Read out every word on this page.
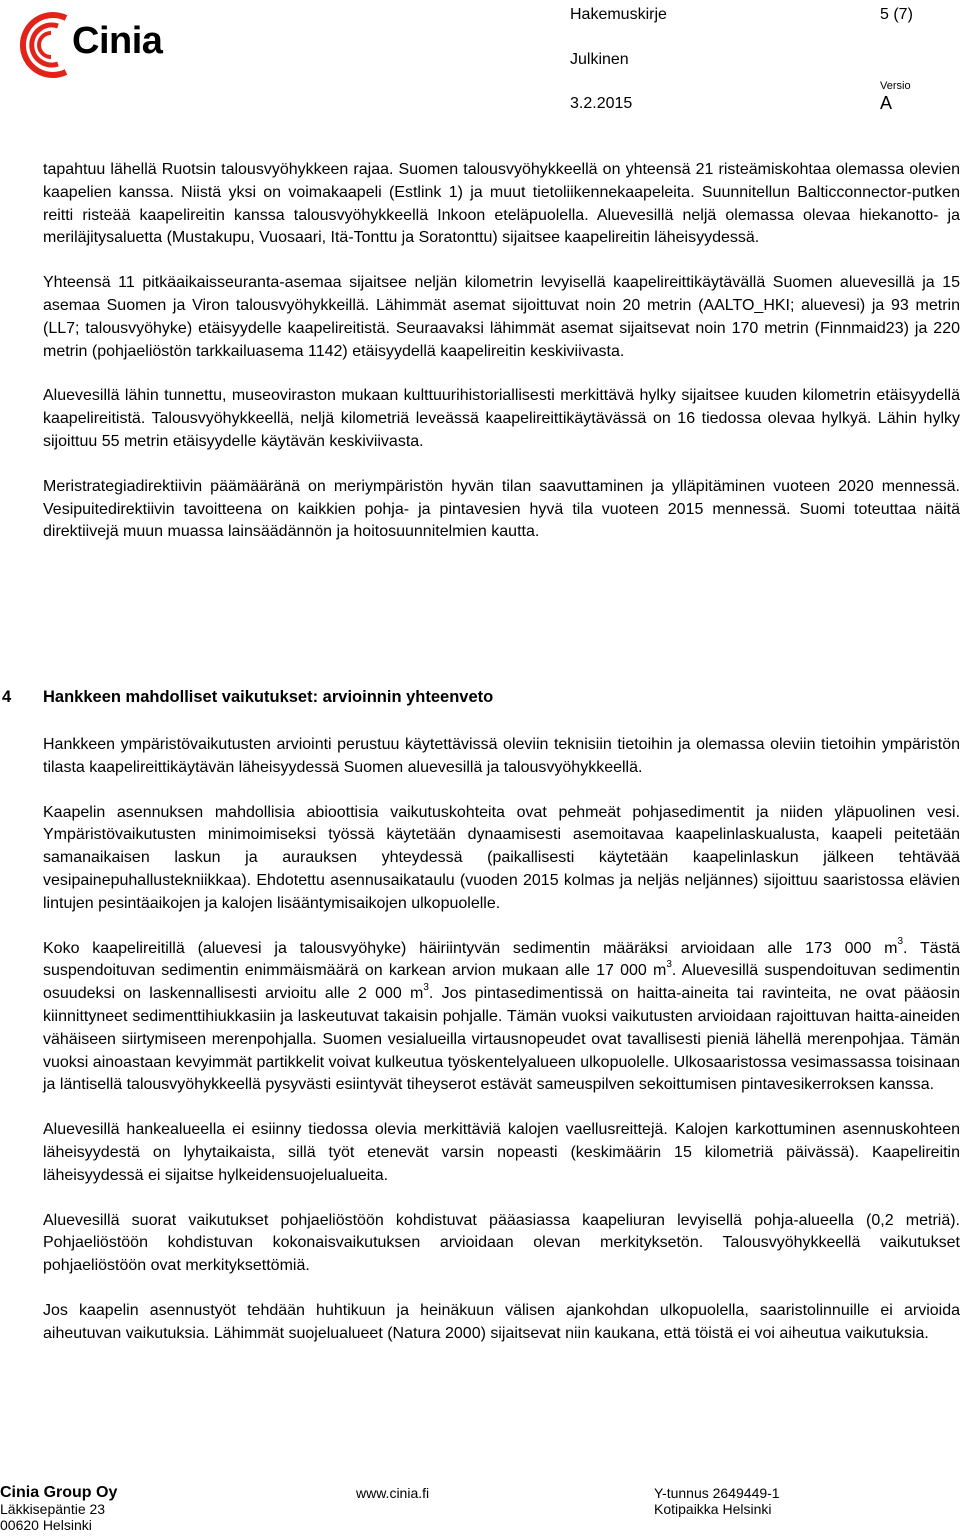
Cinia
Hakemuskirje	5 (7)
Julkinen
Versio
3.2.2015	A

tapahtuu lähellä Ruotsin talousvyöhykkeen rajaa. Suomen talousvyöhykkeellä on yhteensä 21 risteämiskohtaa olemassa olevien kaapelien kanssa. Niistä yksi on voimakaapeli (Estlink 1) ja muut tietoliikennekaapeleita. Suunnitellun Balticconnector-putken reitti risteää kaapelireitin kanssa talousvyöhykkeellä Inkoon eteläpuolella. Aluevesillä neljä olemassa olevaa hiekanotto- ja meriläjitysaluetta (Mustakupu, Vuosaari, Itä-Tonttu ja Soratonttu) sijaitsee kaapelireitin läheisyydessä.

Yhteensä 11 pitkäaikaisseuranta-asemaa sijaitsee neljän kilometrin levyisellä kaapelireittikäytävällä Suomen aluevesillä ja 15 asemaa Suomen ja Viron talousvyöhykkeillä. Lähimmät asemat sijoittuvat noin 20 metrin (AALTO_HKI; aluevesi) ja 93 metrin (LL7; talousvyöhyke) etäisyydelle kaapelireitistä. Seuraavaksi lähimmät asemat sijaitsevat noin 170 metrin (Finnmaid23) ja 220 metrin (pohjaeliöstön tarkkailuasema 1142) etäisyydellä kaapelireitin keskiviivasta.

Aluevesillä lähin tunnettu, museoviraston mukaan kulttuurihistoriallisesti merkittävä hylky sijaitsee kuuden kilometrin etäisyydellä kaapelireitistä. Talousvyöhykkeellä, neljä kilometriä leveässä kaapelireittikäytävässä on 16 tiedossa olevaa hylkyä. Lähin hylky sijoittuu 55 metrin etäisyydelle käytävän keskiviivasta.

Meristrategiadirektiivin päämääränä on meriympäristön hyvän tilan saavuttaminen ja ylläpitäminen vuoteen 2020 mennessä. Vesipuitedirektiivin tavoitteena on kaikkien pohja- ja pintavesien hyvä tila vuoteen 2015 mennessä. Suomi toteuttaa näitä direktiivejä muun muassa lainsäädännön ja hoitosuunnitelmien kautta.

4 Hankkeen mahdolliset vaikutukset: arvioinnin yhteenveto

Hankkeen ympäristövaikutusten arviointi perustuu käytettävissä oleviin teknisiin tietoihin ja olemassa oleviin tietoihin ympäristön tilasta kaapelireittikäytävän läheisyydessä Suomen aluevesillä ja talousvyöhykkeellä.

Kaapelin asennuksen mahdollisia abioottisia vaikutuskohteita ovat pehmeät pohjasedimentit ja niiden yläpuolinen vesi. Ympäristövaikutusten minimoimiseksi työssä käytetään dynaamisesti asemoitavaa kaapelinlaskualusta, kaapeli peitetään samanaikaisen laskun ja aurauksen yhteydessä (paikallisesti käytetään kaapelinlaskun jälkeen tehtävää vesipainepuhallustekniikkaa). Ehdotettu asennusaikataulu (vuoden 2015 kolmas ja neljäs neljännes) sijoittuu saaristossa elävien lintujen pesintäaikojen ja kalojen lisääntymisaikojen ulkopuolelle.

Koko kaapelireitillä (aluevesi ja talousvyöhyke) häiriintyvän sedimentin määräksi arvioidaan alle 173 000 $m^3$. Tästä suspendoituvan sedimentin enimmäismäärä on karkean arvion mukaan alle 17 000 $m^3$. Aluevesillä suspendoituvan sedimentin osuudeksi on laskennallisesti arvioitu alle 2 000 $m^3$. Jos pintasedimentissä on haitta-aineita tai ravinteita, ne ovat pääosin kiinnittyneet sedimenttihiukkasiin ja laskeutuvat takaisin pohjalle. Tämän vuoksi vaikutusten arvioidaan rajoittuvan haitta-aineiden vähäiseen siirtymiseen merenpohjalla. Suomen vesialueilla virtausnopeudet ovat tavallisesti pieniä lähellä merenpohjaa. Tämän vuoksi ainoastaan kevyimmät partikkelit voivat kulkeutua työskentelyalueen ulkopuolelle. Ulkosaaristossa vesimassassa toisinaan ja läntisellä talousvyöhykkeellä pysyvästi esiintyvät tiheyserot estävät sameuspilven sekoittumisen pintavesikerroksen kanssa.

Aluevesillä hankealueella ei esiinny tiedossa olevia merkittäviä kalojen vaellusreittejä. Kalojen karkottuminen asennuskohteen läheisyydestä on lyhytaikaista, sillä työt etenevät varsin nopeasti (keskimäärin 15 kilometriä päivässä). Kaapelireitin läheisyydessä ei sijaitse hylkeidensuojelualueita.

Aluevesillä suorat vaikutukset pohjaeliöstöön kohdistuvat pääasiassa kaapeliuran levyisellä pohja-alueella (0,2 metriä). Pohjaeliöstöön kohdistuvan kokonaisvaikutuksen arvioidaan olevan merkityksetön. Talousvyöhykkeellä vaikutukset pohjaeliöstöön ovat merkityksettömiä.

Jos kaapelin asennustyöt tehdään huhtikuun ja heinäkuun välisen ajankohdan ulkopuolella, saaristolinnuille ei arvioida aiheutuvan vaikutuksia. Lähimmät suojelualueet (Natura 2000) sijaitsevat niin kaukana, että töistä ei voi aiheutua vaikutuksia.

Cinia Group Oy
Läkkisepäntie 23
00620 Helsinki
www.cinia.fi	Y-tunnus 2649449-1
Kotipaikka Helsinki
